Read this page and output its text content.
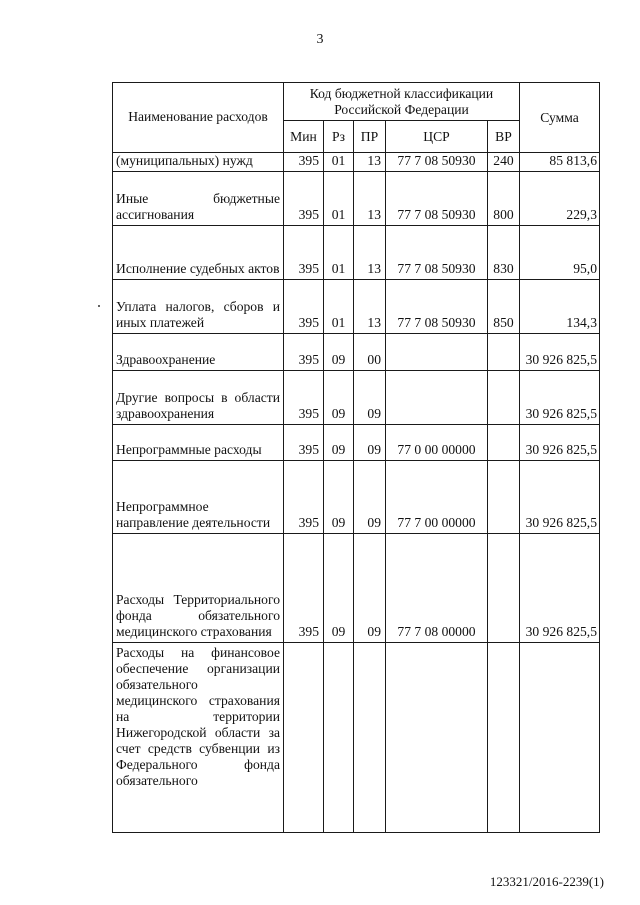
3
Наименование расходов	Код бюджетной классификации Российской Федерации					Сумма
	Мин	Рз	ПР	ЦСР	ВР	
(муниципальных) нужд	395	01	13	77 7 08 50930	240	85 813,6
Иные бюджетные ассигнования	395	01	13	77 7 08 50930	800	229,3
Исполнение судебных актов	395	01	13	77 7 08 50930	830	95,0
Уплата налогов, сборов и иных платежей	395	01	13	77 7 08 50930	850	134,3
Здравоохранение	395	09	00			30 926 825,5
Другие вопросы в области здравоохранения	395	09	09			30 926 825,5
Непрограммные расходы	395	09	09	77 0 00 00000		30 926 825,5
Непрограммное направление деятельности	395	09	09	77 7 00 00000		30 926 825,5
Расходы Территориального фонда обязательного медицинского страхования	395	09	09	77 7 08 00000		30 926 825,5
Расходы на финансовое обеспечение организации обязательного медицинского страхования на территории Нижегородской области за счет средств субвенции из Федерального фонда обязательного						
123321/2016-2239(1)
